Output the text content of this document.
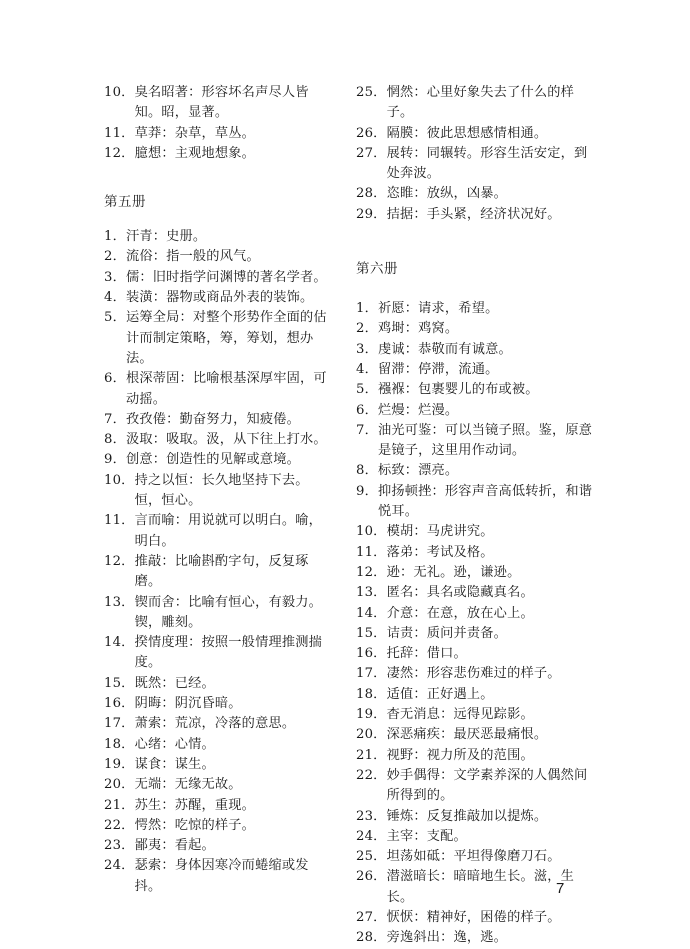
10． 臭名昭著：形容坏名声尽人皆知。昭，显著。
11． 草莽：杂草，草丛。
12． 臆想：主观地想象。
第五册
1． 汗青：史册。
2． 流俗：指一般的风气。
3． 儒：旧时指学问渊博的著名学者。
4． 装潢：器物或商品外表的装饰。
5． 运筹全局：对整个形势作全面的估计而制定策略，筹，筹划，想办法。
6． 根深蒂固：比喻根基深厚牢固，可动摇。
7． 孜孜倦：勤奋努力，知疲倦。
8． 汲取：吸取。汲，从下往上打水。
9． 创意：创造性的见解或意境。
10． 持之以恒：长久地坚持下去。恒，恒心。
11． 言而喻：用说就可以明白。喻，明白。
12． 推敲：比喻斟酌字句，反复琢磨。
13． 锲而舍：比喻有恒心，有毅力。锲，雕刻。
14． 揆情度理：按照一般情理推测揣度。
15． 既然：已经。
16． 阴晦：阴沉昏暗。
17． 萧索：荒凉，冷落的意思。
18． 心绪：心情。
19． 谋食：谋生。
20． 无端：无缘无故。
21． 苏生：苏醒，重现。
22． 愕然：吃惊的样子。
23． 鄙夷：看起。
24． 瑟索：身体因寒冷而蜷缩或发抖。
25． 惘然：心里好象失去了什么的样子。
26． 隔膜：彼此思想感情相通。
27． 展转：同辗转。形容生活安定，到处奔波。
28． 恣睢：放纵，凶暴。
29． 拮据：手头紧，经济状况好。
第六册
1． 祈愿：请求，希望。
2． 鸡埘：鸡窝。
3． 虔诚：恭敬而有诚意。
4． 留滞：停滞，流通。
5． 襁褓：包裹婴儿的布或被。
6． 烂熳：烂漫。
7． 油光可鉴：可以当镜子照。鉴，原意是镜子，这里用作动词。
8． 标致：漂亮。
9． 抑扬顿挫：形容声音高低转折，和谐悦耳。
10． 模胡：马虎讲究。
11． 落弟：考试及格。
12． 逊：无礼。逊，谦逊。
13． 匿名：具名或隐藏真名。
14． 介意：在意，放在心上。
15． 诘责：质问并责备。
16． 托辞：借口。
17． 凄然：形容悲伤难过的样子。
18． 适值：正好遇上。
19． 杳无消息：远得见踪影。
20． 深恶痛疾：最厌恶最痛恨。
21． 视野：视力所及的范围。
22． 妙手偶得：文学素养深的人偶然间所得到的。
23． 锤炼：反复推敲加以提炼。
24． 主宰：支配。
25． 坦荡如砥：平坦得像磨刀石。
26． 潜滋暗长：暗暗地生长。滋，生长。
27． 恹恹：精神好，困倦的样子。
28． 旁逸斜出：逸，逃。
7
